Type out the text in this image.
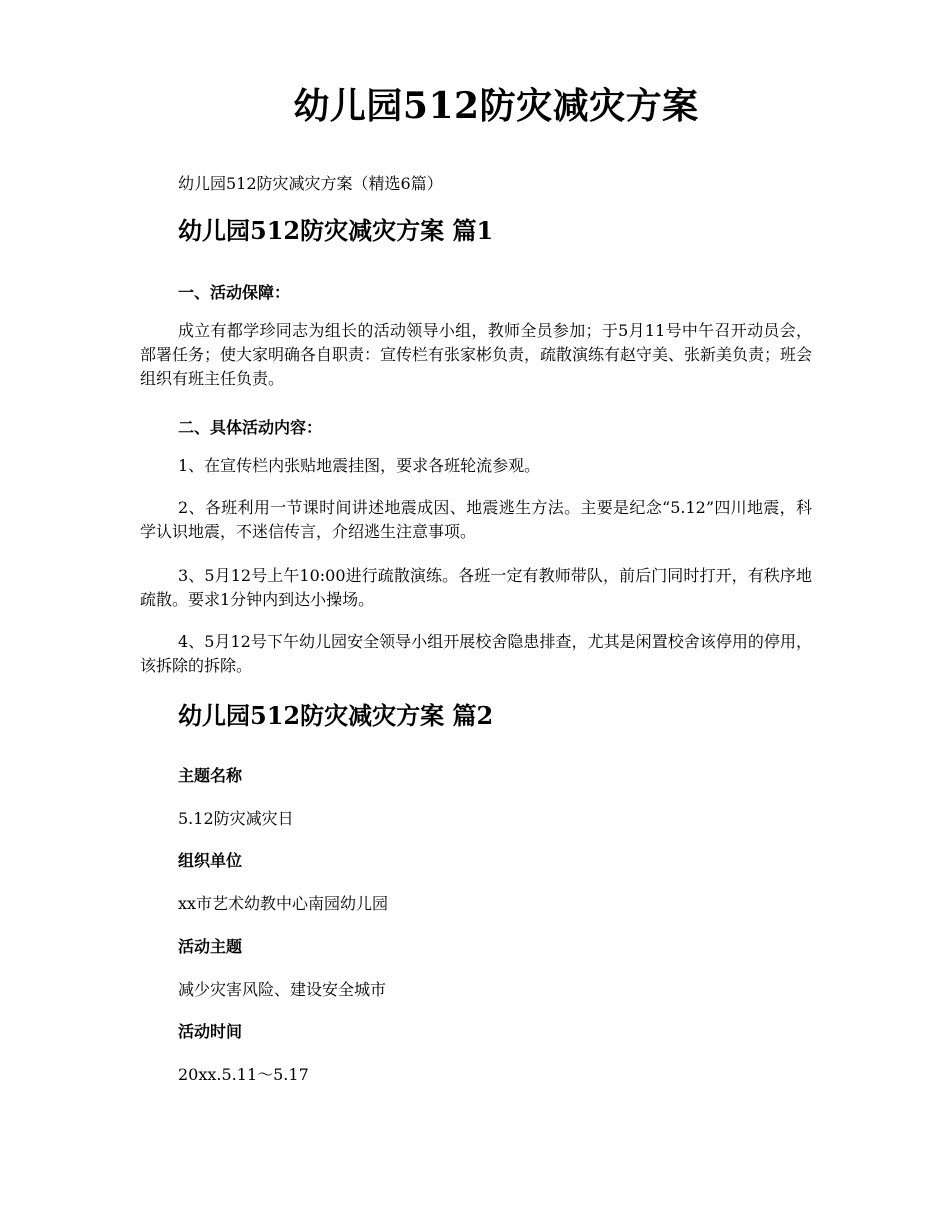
幼儿园512防灾减灾方案

幼儿园512防灾减灾方案（精选6篇）

幼儿园512防灾减灾方案 篇1

一、活动保障：

成立有都学珍同志为组长的活动领导小组，教师全员参加；于5月11号中午召开动员会，部署任务；使大家明确各自职责：宣传栏有张家彬负责，疏散演练有赵守美、张新美负责；班会组织有班主任负责。

二、具体活动内容：

1、在宣传栏内张贴地震挂图，要求各班轮流参观。

2、各班利用一节课时间讲述地震成因、地震逃生方法。主要是纪念“5.12”四川地震，科学认识地震，不迷信传言，介绍逃生注意事项。

3、5月12号上午10:00进行疏散演练。各班一定有教师带队，前后门同时打开，有秩序地疏散。要求1分钟内到达小操场。

4、5月12号下午幼儿园安全领导小组开展校舍隐患排查，尤其是闲置校舍该停用的停用，该拆除的拆除。

幼儿园512防灾减灾方案 篇2

主题名称

5.12防灾减灾日

组织单位

xx市艺术幼教中心南园幼儿园

活动主题

减少灾害风险、建设安全城市

活动时间

20xx.5.11～5.17
